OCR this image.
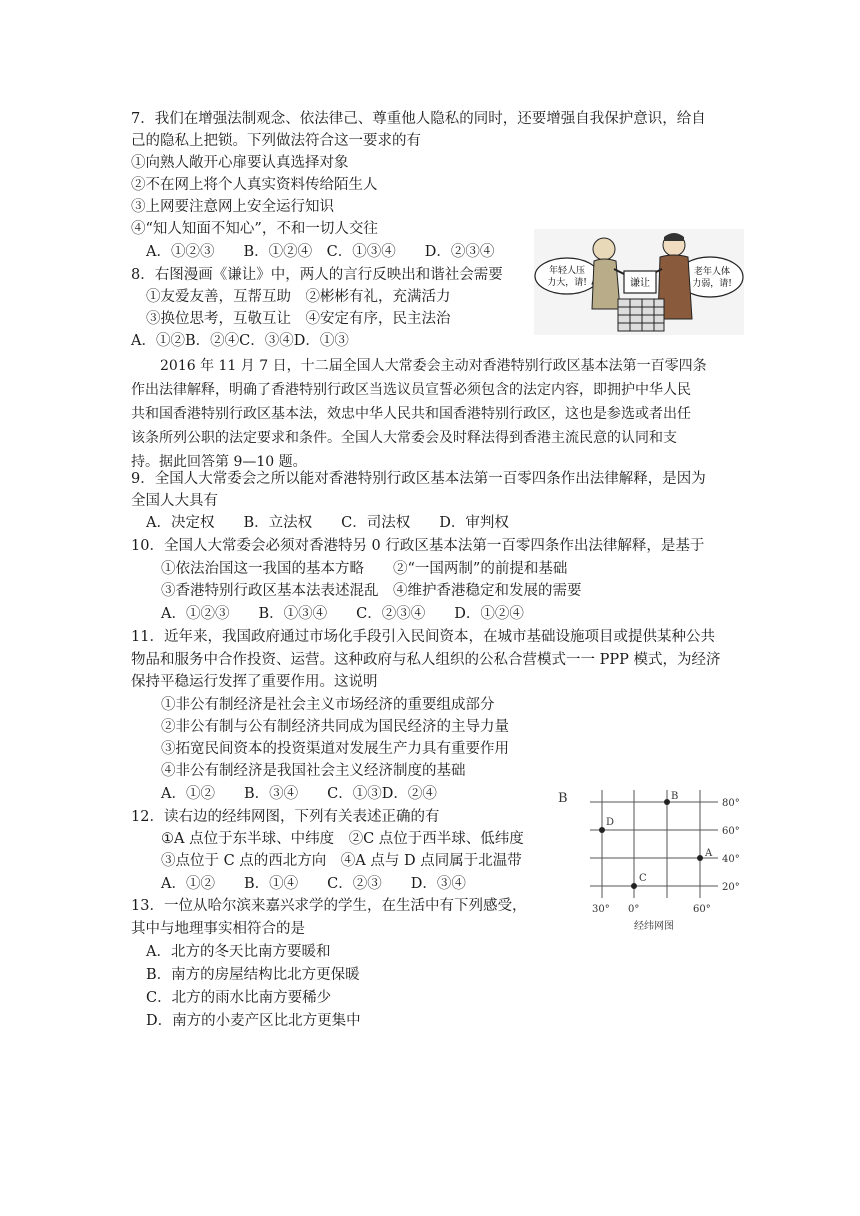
7．我们在增强法制观念、依法律己、尊重他人隐私的同时，还要增强自我保护意识，给自
己的隐私上把锁。下列做法符合这一要求的有
①向熟人敞开心扉要认真选择对象
②不在网上将个人真实资料传给陌生人
③上网要注意网上安全运行知识
④“知人知面不知心”，不和一切人交往
A．①②③　　B．①②④　C．①③④　　D．②③④
8．右图漫画《谦让》中，两人的言行反映出和谐社会需要
①友爱友善，互帮互助　②彬彬有礼，充满活力
③换位思考，互敬互让　④安定有序，民主法治
A．①②B．②④C．③④D．①③
年轻人压
力大，请!
老年人体
力弱，请!
谦让
2016 年 11 月 7 日，十二届全国人大常委会主动对香港特别行政区基本法第一百零四条
作出法律解释，明确了香港特别行政区当选议员宣誓必须包含的法定内容，即拥护中华人民
共和国香港特别行政区基本法，效忠中华人民共和国香港特别行政区，这也是参选或者出任
该条所列公职的法定要求和条件。全国人大常委会及时释法得到香港主流民意的认同和支
持。据此回答第 9—10 题。
9．全国人大常委会之所以能对香港特别行政区基本法第一百零四条作出法律解释，是因为
全国人大具有
A．决定权　　B．立法权　　C．司法权　　D．审判权
10．全国人大常委会必须对香港特另 0 行政区基本法第一百零四条作出法律解释，是基于
①依法治国这一我国的基本方略　　②“一国两制”的前提和基础
③香港特别行政区基本法表述混乱　④维护香港稳定和发展的需要
A．①②③　　B．①③④　　C．②③④　　D．①②④
11．近年来，我国政府通过市场化手段引入民间资本，在城市基础设施项目或提供某种公共
物品和服务中合作投资、运营。这种政府与私人组织的公私合营模式一一 PPP 模式，为经济
保持平稳运行发挥了重要作用。这说明
①非公有制经济是社会主义市场经济的重要组成部分
②非公有制与公有制经济共同成为国民经济的主导力量
③拓宽民间资本的投资渠道对发展生产力具有重要作用
④非公有制经济是我国社会主义经济制度的基础
A．①②　　B．③④　　C．①③D．②④
12．读右边的经纬网图，下列有关表述正确的有
①A 点位于东半球、中纬度　②C 点位于西半球、低纬度
③点位于 C 点的西北方向　④A 点与 D 点同属于北温带
A．①②　　B．①④　　C．②③　　D．③④
B	80°
60°
40°
20°
30° 0°	60°
B
D
A
C
经纬网图
13．一位从哈尔滨来嘉兴求学的学生，在生活中有下列感受，
其中与地理事实相符合的是
A．北方的冬天比南方要暖和
B．南方的房屋结构比北方更保暖
C．北方的雨水比南方要稀少
D．南方的小麦产区比北方更集中
